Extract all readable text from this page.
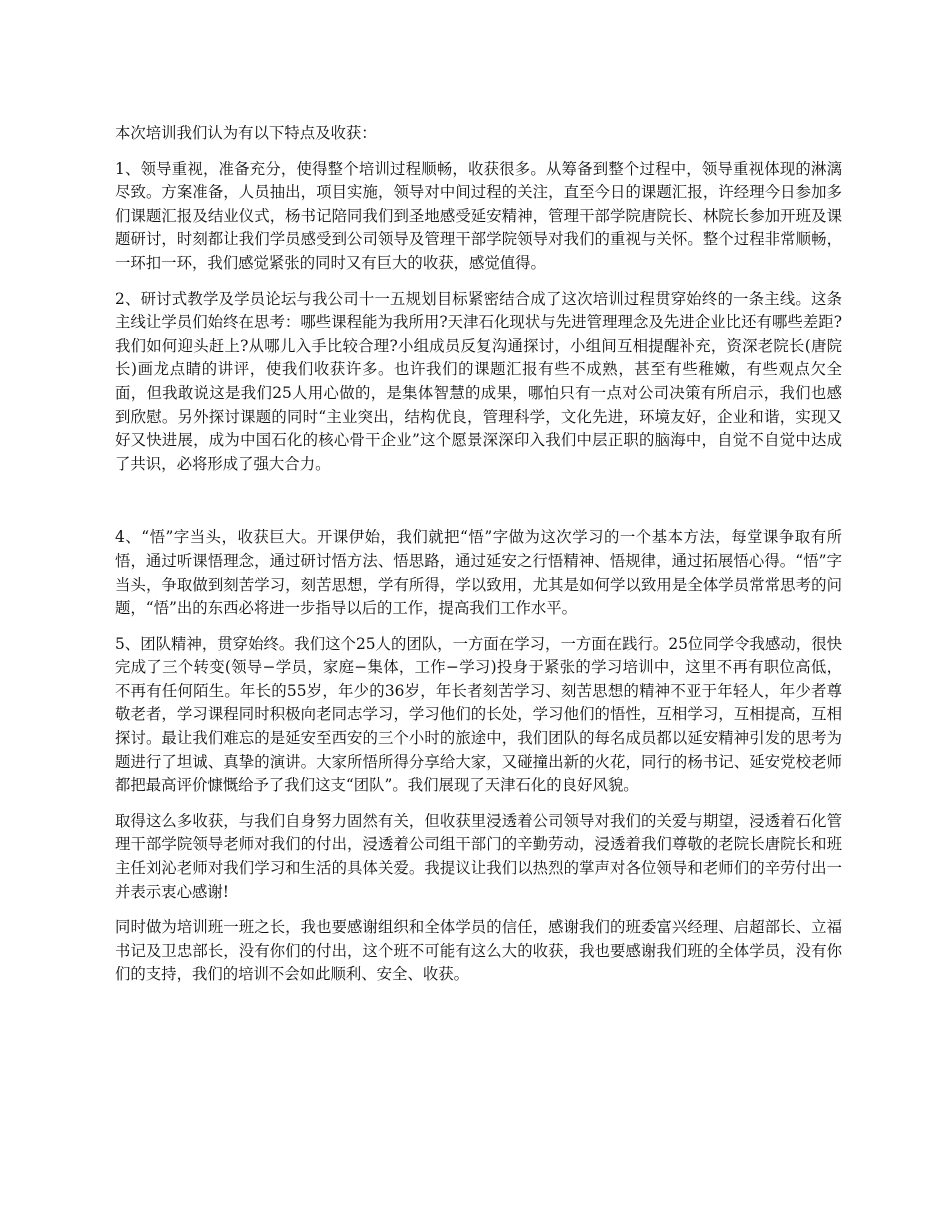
本次培训我们认为有以下特点及收获：

1、领导重视，准备充分，使得整个培训过程顺畅，收获很多。从筹备到整个过程中，领导重视体现的淋漓尽致。方案准备，人员抽出，项目实施，领导对中间过程的关注，直至今日的课题汇报，许经理今日参加多们课题汇报及结业仪式，杨书记陪同我们到圣地感受延安精神，管理干部学院唐院长、林院长参加开班及课题研讨，时刻都让我们学员感受到公司领导及管理干部学院领导对我们的重视与关怀。整个过程非常顺畅，一环扣一环，我们感觉紧张的同时又有巨大的收获，感觉值得。

2、研讨式教学及学员论坛与我公司十一五规划目标紧密结合成了这次培训过程贯穿始终的一条主线。这条主线让学员们始终在思考：哪些课程能为我所用?天津石化现状与先进管理理念及先进企业比还有哪些差距?我们如何迎头赶上?从哪儿入手比较合理?小组成员反复沟通探讨，小组间互相提醒补充，资深老院长(唐院长)画龙点睛的讲评，使我们收获许多。也许我们的课题汇报有些不成熟，甚至有些稚嫩，有些观点欠全面，但我敢说这是我们25人用心做的，是集体智慧的成果，哪怕只有一点对公司决策有所启示，我们也感到欣慰。另外探讨课题的同时“主业突出，结构优良，管理科学，文化先进，环境友好，企业和谐，实现又好又快进展，成为中国石化的核心骨干企业”这个愿景深深印入我们中层正职的脑海中，自觉不自觉中达成了共识，必将形成了强大合力。

4、“悟”字当头，收获巨大。开课伊始，我们就把“悟”字做为这次学习的一个基本方法，每堂课争取有所悟，通过听课悟理念，通过研讨悟方法、悟思路，通过延安之行悟精神、悟规律，通过拓展悟心得。“悟”字当头，争取做到刻苦学习，刻苦思想，学有所得，学以致用，尤其是如何学以致用是全体学员常常思考的问题，“悟”出的东西必将进一步指导以后的工作，提高我们工作水平。

5、团队精神，贯穿始终。我们这个25人的团队，一方面在学习，一方面在践行。25位同学令我感动，很快完成了三个转变(领导−学员，家庭−集体，工作−学习)投身于紧张的学习培训中，这里不再有职位高低，不再有任何陌生。年长的55岁，年少的36岁，年长者刻苦学习、刻苦思想的精神不亚于年轻人，年少者尊敬老者，学习课程同时积极向老同志学习，学习他们的长处，学习他们的悟性，互相学习，互相提高，互相探讨。最让我们难忘的是延安至西安的三个小时的旅途中，我们团队的每名成员都以延安精神引发的思考为题进行了坦诚、真挚的演讲。大家所悟所得分享给大家，又碰撞出新的火花，同行的杨书记、延安党校老师都把最高评价慷慨给予了我们这支“团队”。我们展现了天津石化的良好风貌。

取得这么多收获，与我们自身努力固然有关，但收获里浸透着公司领导对我们的关爱与期望，浸透着石化管理干部学院领导老师对我们的付出，浸透着公司组干部门的辛勤劳动，浸透着我们尊敬的老院长唐院长和班主任刘沁老师对我们学习和生活的具体关爱。我提议让我们以热烈的掌声对各位领导和老师们的辛劳付出一并表示衷心感谢!

同时做为培训班一班之长，我也要感谢组织和全体学员的信任，感谢我们的班委富兴经理、启超部长、立福书记及卫忠部长，没有你们的付出，这个班不可能有这么大的收获，我也要感谢我们班的全体学员，没有你们的支持，我们的培训不会如此顺利、安全、收获。
